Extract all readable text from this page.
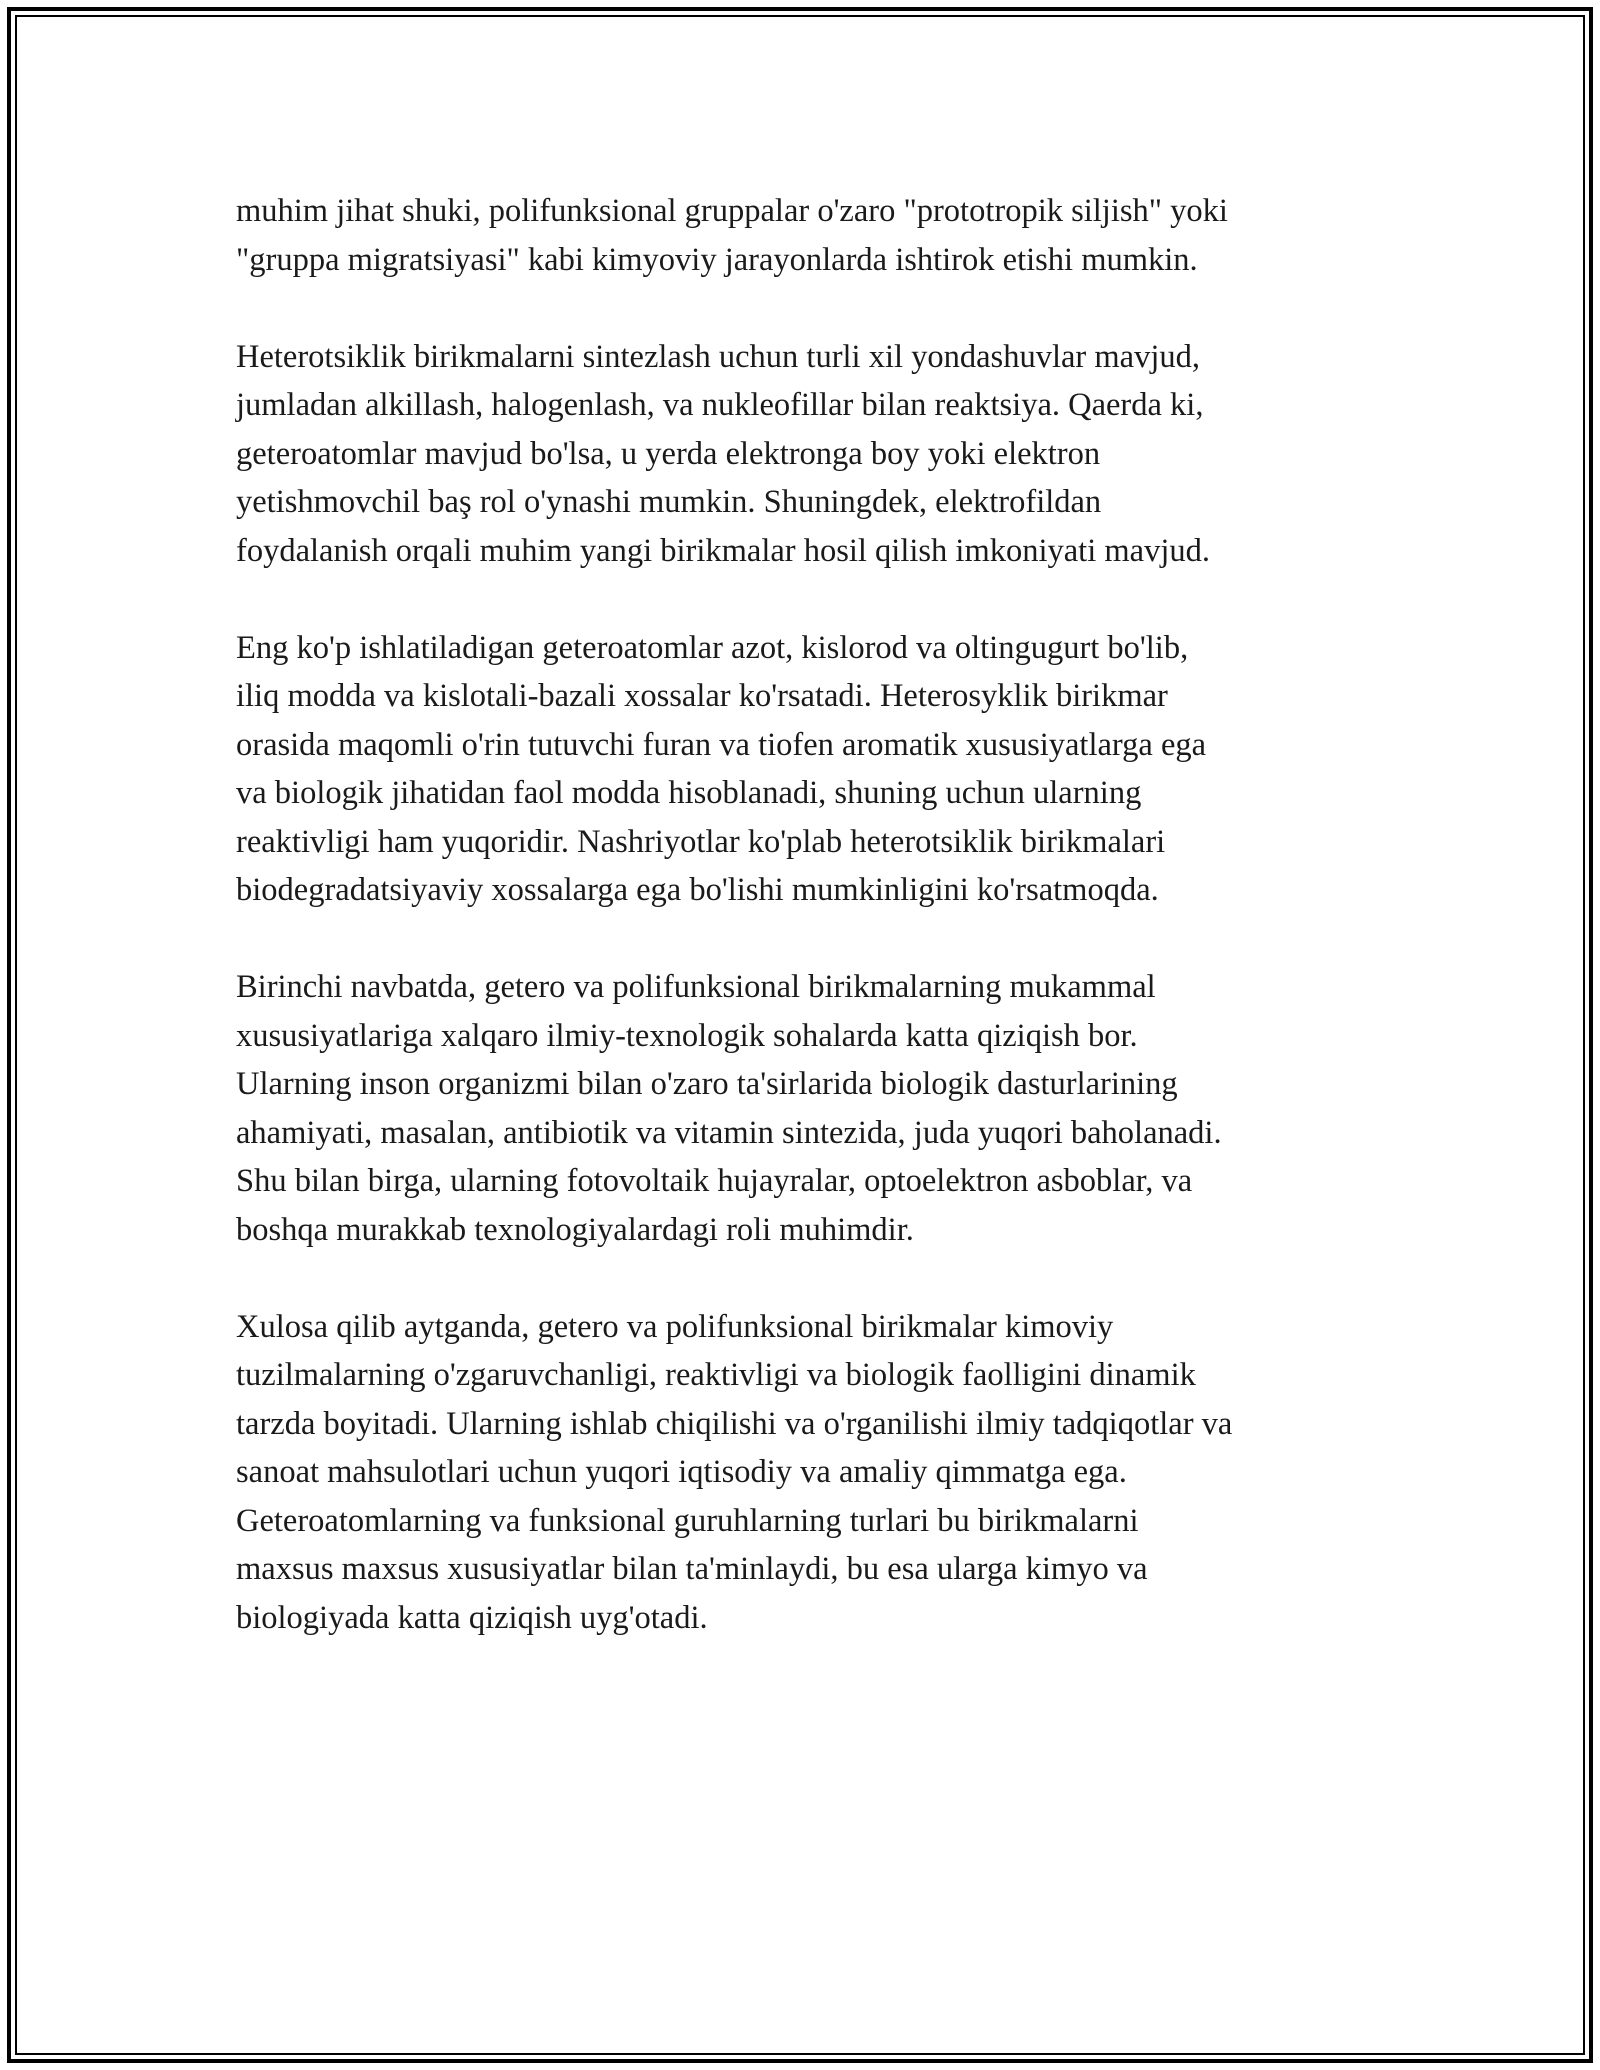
muhim jihat shuki, polifunksional gruppalar o'zaro "prototropik siljish" yoki
"gruppa migratsiyasi" kabi kimyoviy jarayonlarda ishtirok etishi mumkin.

Heterotsiklik birikmalarni sintezlash uchun turli xil yondashuvlar mavjud,
jumladan alkillash, halogenlash, va nukleofillar bilan reaktsiya. Qaerda ki,
geteroatomlar mavjud bo'lsa, u yerda elektronga boy yoki elektron
yetishmovchil baş rol o'ynashi mumkin. Shuningdek, elektrofildan
foydalanish orqali muhim yangi birikmalar hosil qilish imkoniyati mavjud.

Eng ko'p ishlatiladigan geteroatomlar azot, kislorod va oltingugurt bo'lib,
iliq modda va kislotali-bazali xossalar ko'rsatadi. Heterosyklik birikmar
orasida maqomli o'rin tutuvchi furan va tiofen aromatik xususiyatlarga ega
va biologik jihatidan faol modda hisoblanadi, shuning uchun ularning
reaktivligi ham yuqoridir. Nashriyotlar ko'plab heterotsiklik birikmalari
biodegradatsiyaviy xossalarga ega bo'lishi mumkinligini ko'rsatmoqda.

Birinchi navbatda, getero va polifunksional birikmalarning mukammal
xususiyatlariga xalqaro ilmiy-texnologik sohalarda katta qiziqish bor.
Ularning inson organizmi bilan o'zaro ta'sirlarida biologik dasturlarining
ahamiyati, masalan, antibiotik va vitamin sintezida, juda yuqori baholanadi.
Shu bilan birga, ularning fotovoltaik hujayralar, optoelektron asboblar, va
boshqa murakkab texnologiyalardagi roli muhimdir.

Xulosa qilib aytganda, getero va polifunksional birikmalar kimoviy
tuzilmalarning o'zgaruvchanligi, reaktivligi va biologik faolligini dinamik
tarzda boyitadi. Ularning ishlab chiqilishi va o'rganilishi ilmiy tadqiqotlar va
sanoat mahsulotlari uchun yuqori iqtisodiy va amaliy qimmatga ega.
Geteroatomlarning va funksional guruhlarning turlari bu birikmalarni
maxsus maxsus xususiyatlar bilan ta'minlaydi, bu esa ularga kimyo va
biologiyada katta qiziqish uyg'otadi.
